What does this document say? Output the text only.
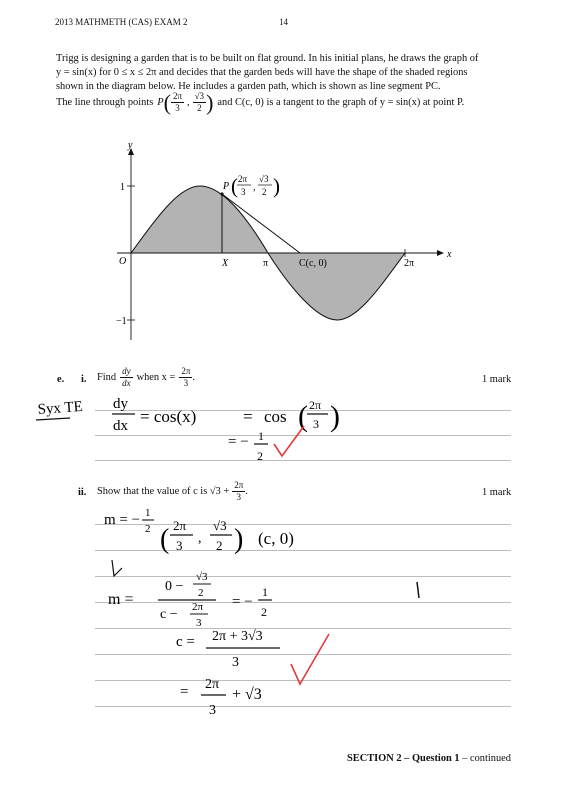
2013 MATHMETH (CAS) EXAM 2	14
Trigg is designing a garden that is to be built on flat ground. In his initial plans, he draws the graph of
y = sin(x) for 0 ≤ x ≤ 2π and decides that the garden beds will have the shape of the shaded regions
shown in the diagram below. He includes a garden path, which is shown as line segment PC.
The line through points P ( $\frac{2\pi}{3}$ , $\frac{√3}{2}$ ) and C(c, 0) is a tangent to the graph of y = sin(x) at point P.
y
x
1
−1
O	X	π	C(c, 0)	2π
P ( 2π
3 ,
√3
2 )
e. i. Find $\frac{dy}{dx}$ when $x = \frac{2\pi}{3}$ .	1 mark
Syx TE dy
dx = cos(x)	= cos ( 2π
3 )
= − 1
2
ii. Show that the value of c is $√3 + \frac{2\pi}{3}$ .	1 mark
m = − 1
2 ( 2π
3 ,
√3
2 ) (c, 0)
m =
0 −
√3
2
c − 2π
3
= −
1
2
c = 2π + 3√3
3
= 2π
3
+ √3
SECTION 2 – Question 1 – continued
